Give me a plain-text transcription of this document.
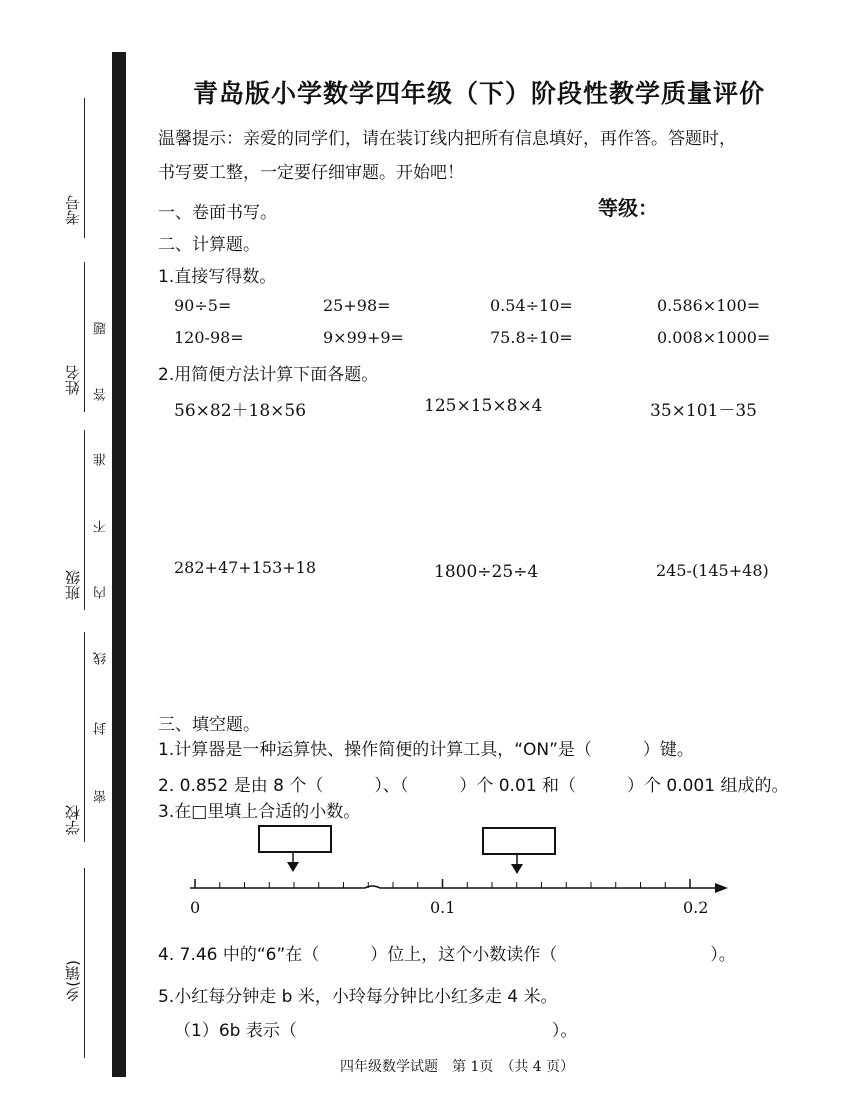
考号
姓名
班级
学校
乡(镇)
题
答
准
不
内
线
封
密
青岛版小学数学四年级（下）阶段性教学质量评价
温馨提示：亲爱的同学们，请在装订线内把所有信息填好，再作答。答题时，
书写要工整，一定要仔细审题。开始吧！
一、卷面书写。	等级：
二、计算题。
1.直接写得数。
90÷5=	25+98=	0.54÷10=	0.586×100=
120-98=	9×99+9=	75.8÷10=	0.008×1000=
2.用简便方法计算下面各题。
56×82＋18×56	125×15×8×4	35×101－35
282+47+153+18	1800÷25÷4	245-(145+48)
三、填空题。
1.计算器是一种运算快、操作简便的计算工具，“ON”是（　　　）键。
2. 0.852 是由 8 个（　　　）、（　　　）个 0.01 和（　　　）个 0.001 组成的。
3.在□里填上合适的小数。
0	0.1	0.2
4. 7.46 中的“6”在（　　　）位上，这个小数读作（　　　　　　　　　）。
5.小红每分钟走 b 米，小玲每分钟比小红多走 4 米。
（1）6b 表示（　　　　　　　　　　　　　　　）。
四年级数学试题　第 1页　（共 4 页）
